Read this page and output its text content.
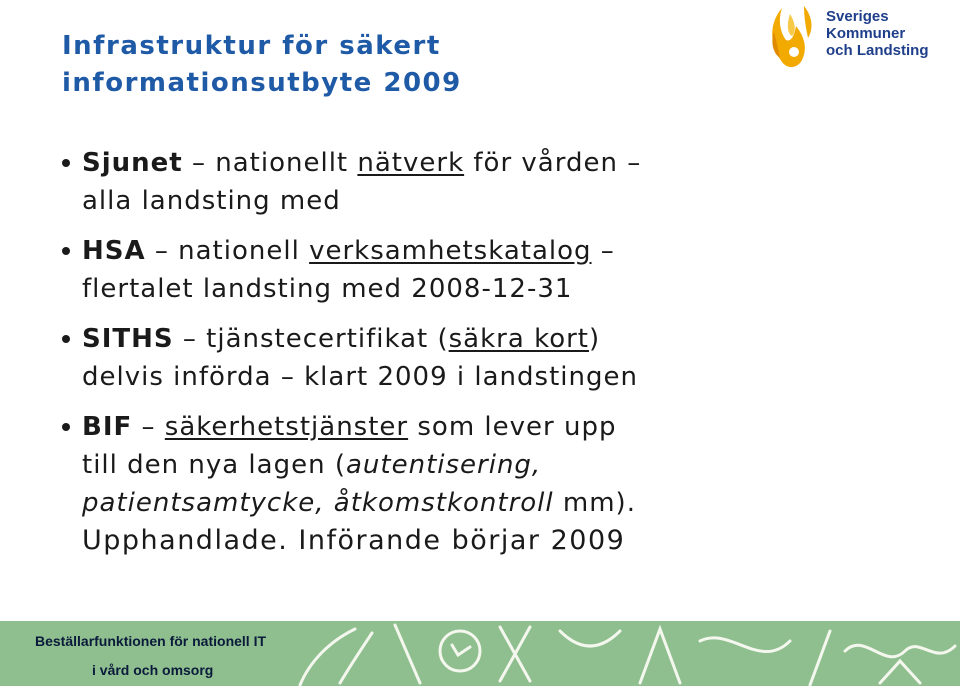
Infrastruktur för säkert
informationsutbyte 2009
Sveriges
Kommuner
och Landsting
Sjunet – nationellt nätverk för vården –
alla landsting med
HSA – nationell verksamhetskatalog –
flertalet landsting med 2008-12-31
SITHS – tjänstecertifikat (säkra kort)
delvis införda – klart 2009 i landstingen
BIF – säkerhetstjänster som lever upp
till den nya lagen (autentisering,
patientsamtycke, åtkomstkontroll mm).
Upphandlade. Införande börjar 2009
Beställarfunktionen för nationell IT
i vård och omsorg
